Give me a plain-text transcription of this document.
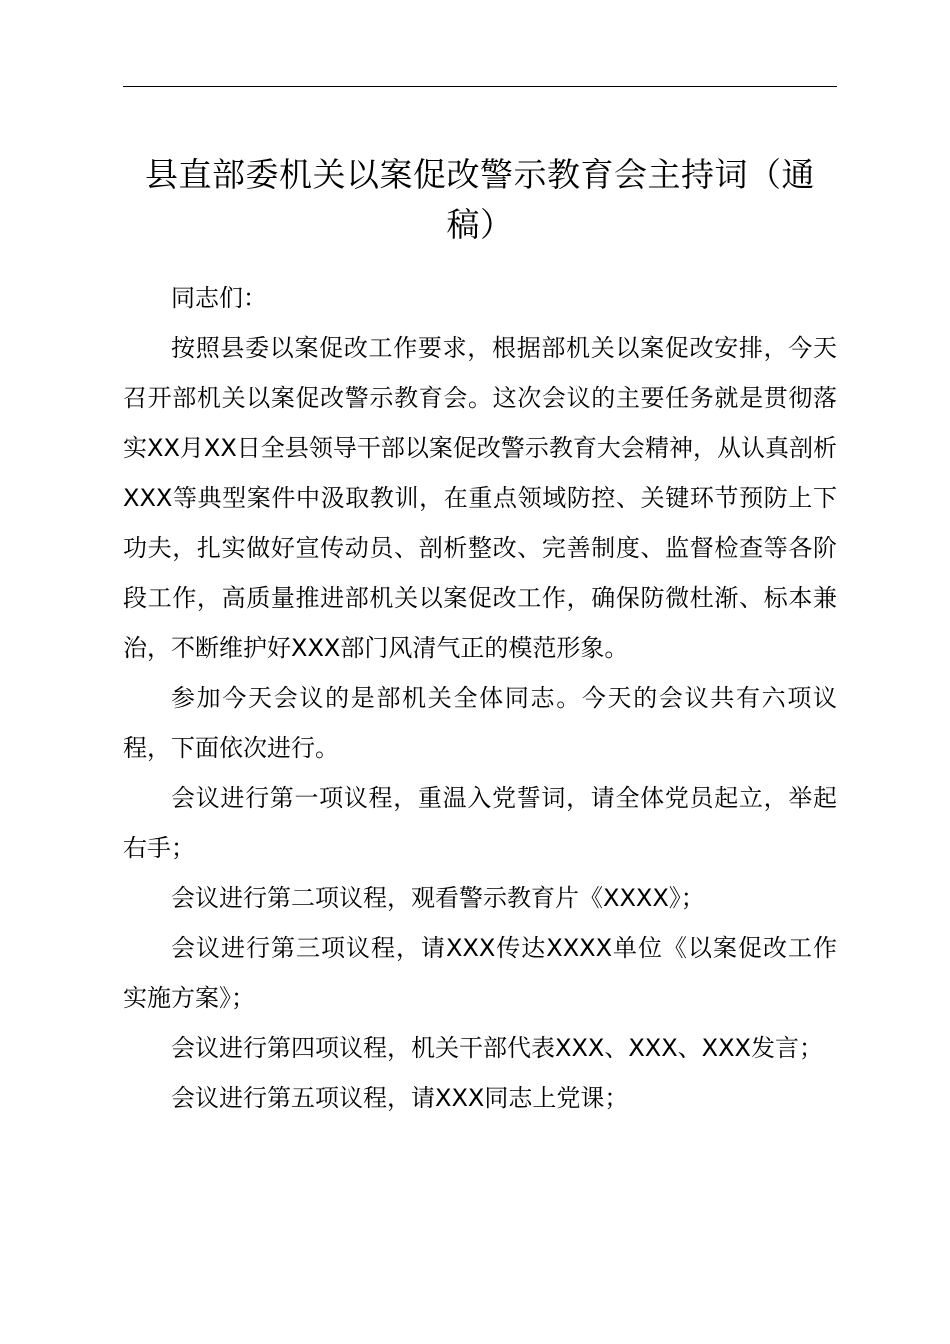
县直部委机关以案促改警示教育会主持词（通稿）

同志们：

按照县委以案促改工作要求，根据部机关以案促改安排，今天召开部机关以案促改警示教育会。这次会议的主要任务就是贯彻落实XX月XX日全县领导干部以案促改警示教育大会精神，从认真剖析XXX等典型案件中汲取教训，在重点领域防控、关键环节预防上下功夫，扎实做好宣传动员、剖析整改、完善制度、监督检查等各阶段工作，高质量推进部机关以案促改工作，确保防微杜渐、标本兼治，不断维护好XXX部门风清气正的模范形象。

参加今天会议的是部机关全体同志。今天的会议共有六项议程，下面依次进行。

会议进行第一项议程，重温入党誓词，请全体党员起立，举起右手；

会议进行第二项议程，观看警示教育片《XXXX》；

会议进行第三项议程，请XXX传达XXXX单位《以案促改工作实施方案》；

会议进行第四项议程，机关干部代表XXX、XXX、XXX发言；

会议进行第五项议程，请XXX同志上党课；
